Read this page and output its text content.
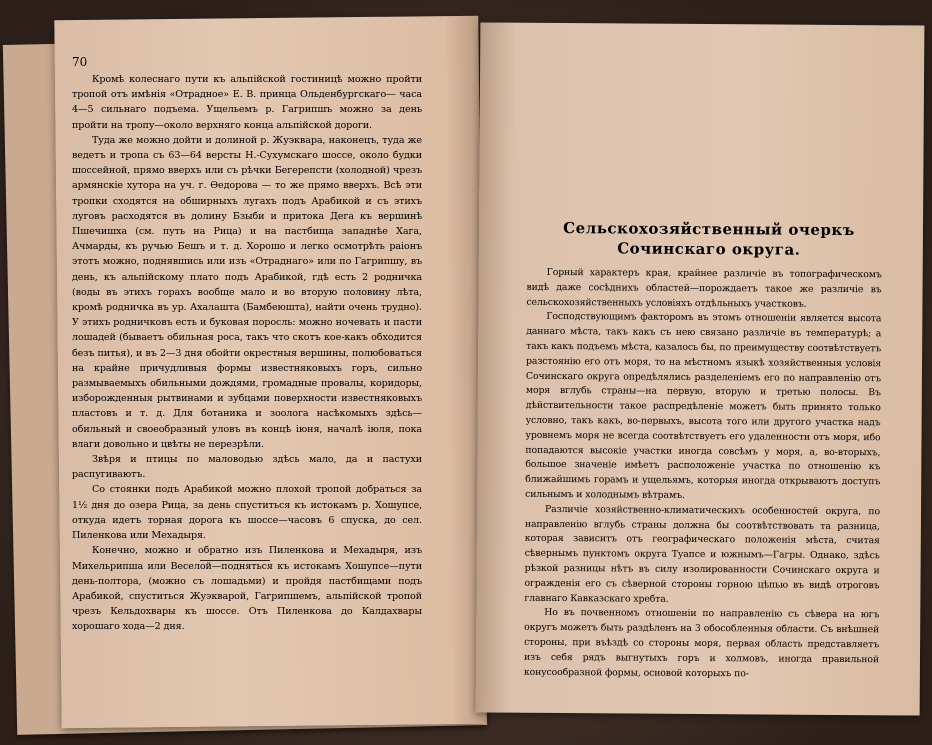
70

Кромѣ колеснаго пути къ альпійской гостиницѣ можно пройти тропой отъ имѣнія «Отрадное» Е. В. принца Ольденбургскаго— часа 4—5 сильнаго подъема. Ущельемъ р. Гагрипшъ можно за день пройти на тропу—около верхняго конца альпійской дороги.

Туда же можно дойти и долиной р. Жуэквара, наконецъ, туда же ведетъ и тропа съ 63—64 версты Н.-Сухумскаго шоссе, около будки шоссейной, прямо вверхъ или съ рѣчки Бегерепсти (холодной) чрезъ армянскіе хутора на уч. г. Ѳедорова — то же прямо вверхъ. Всѣ эти тропки сходятся на обширныхъ лугахъ подъ Арабикой и съ этихъ луговъ расходятся въ долину Бзыби и притока Дега къ вершинѣ Пшечишха (см. путь на Рица) и на пастбища западнѣе Хага, Ачмарды, къ ручью Бешъ и т. д. Хорошо и легко осмотрѣть раіонъ этотъ можно, поднявшись или изъ «Отраднаго» или по Гагрипшу, въ день, къ альпійскому плато подъ Арабикой, гдѣ есть 2 родничка (воды въ этихъ горахъ вообще мало и во вторую половину лѣта, кромѣ родничка въ ур. Ахалашта (Бамбеюшта), найти очень трудно). У этихъ родничковъ есть и буковая поросль: можно ночевать и пасти лошадей (бываетъ обильная роса, такъ что скотъ кое-какъ обходится безъ питья), и въ 2—3 дня обойти окрестныя вершины, полюбоваться на крайне причудливыя формы известняковыхъ горъ, сильно размываемыхъ обильными дождями, громадные провалы, коридоры, изборожденныя рытвинами и зубцами поверхности известняковыхъ пластовъ и т. д. Для ботаника и зоолога насѣкомыхъ здѣсь—обильный и своеобразный уловъ въ концѣ іюня, началѣ іюля, пока влаги довольно и цвѣты не перезрѣли.

Звѣря и птицы по маловодью здѣсь мало, да и пастухи распугиваютъ.

Со стоянки подъ Арабикой можно плохой тропой добраться за 1½ дня до озера Рица, за день спуститься къ истокамъ р. Хошупсе, откуда идетъ торная дорога къ шоссе—часовъ 6 спуска, до сел. Пиленкова или Мехадыря.

Конечно, можно и обратно изъ Пиленкова и Мехадыря, изъ Михельрипша или Веселой—подняться къ истокамъ Хошупсе—пути день-полтора, (можно съ лошадьми) и пройдя пастбищами подъ Арабикой, спуститься Жуэкварой, Гагрипшемъ, альпійской тропой чрезъ Кельдохвары къ шоссе. Отъ Пиленкова до Калдахвары хорошаго хода—2 дня.

Сельскохозяйственный очеркъ Сочинскаго округа.

Горный характеръ края, крайнее различіе въ топографическомъ видѣ даже сосѣднихъ областей—порождаетъ такое же различіе въ сельскохозяйственныхъ условіяхъ отдѣльныхъ участковъ.

Господствующимъ факторомъ въ этомъ отношеніи является высота даннаго мѣста, такъ какъ съ нею связано различіе въ температурѣ; а такъ какъ подъемъ мѣста, казалось бы, по преимуществу соотвѣтствуетъ разстоянію его отъ моря, то на мѣстномъ языкѣ хозяйственныя условія Сочинскаго округа опредѣлялись разделеніемъ его по направленію отъ моря вглубь страны—на первую, вторую и третью полосы. Въ дѣйствительности такое распредѣленіе можетъ быть принято только условно, такъ какъ, во-первыхъ, высота того или другого участка надъ уровнемъ моря не всегда соотвѣтствуетъ его удаленности отъ моря, ибо попадаются высокіе участки иногда совсѣмъ у моря, а, во-вторыхъ, большое значеніе имѣетъ расположеніе участка по отношенію къ ближайшимъ горамъ и ущельямъ, которыя иногда открываютъ доступъ сильнымъ и холоднымъ вѣтрамъ.

Различіе хозяйственно-климатическихъ особенностей округа, по направленію вглубь страны должна бы соотвѣтствовать та разница, которая зависитъ отъ географическаго положенія мѣста, считая сѣвернымъ пунктомъ округа Туапсе и южнымъ—Гагры. Однако, здѣсь рѣзкой разницы нѣтъ въ силу изолированности Сочинскаго округа и огражденія его съ сѣверной стороны горною цѣпью въ видѣ отроговъ главнаго Кавказскаго хребта.

Но въ почвенномъ отношеніи по направленію съ сѣвера на югъ округъ можетъ быть раздѣленъ на 3 обособленныя области. Съ внѣшней стороны, при въѣздѣ со стороны моря, первая область представляетъ изъ себя рядъ выгнутыхъ горъ и холмовъ, иногда правильной конусообразной формы, основой которыхъ по-
